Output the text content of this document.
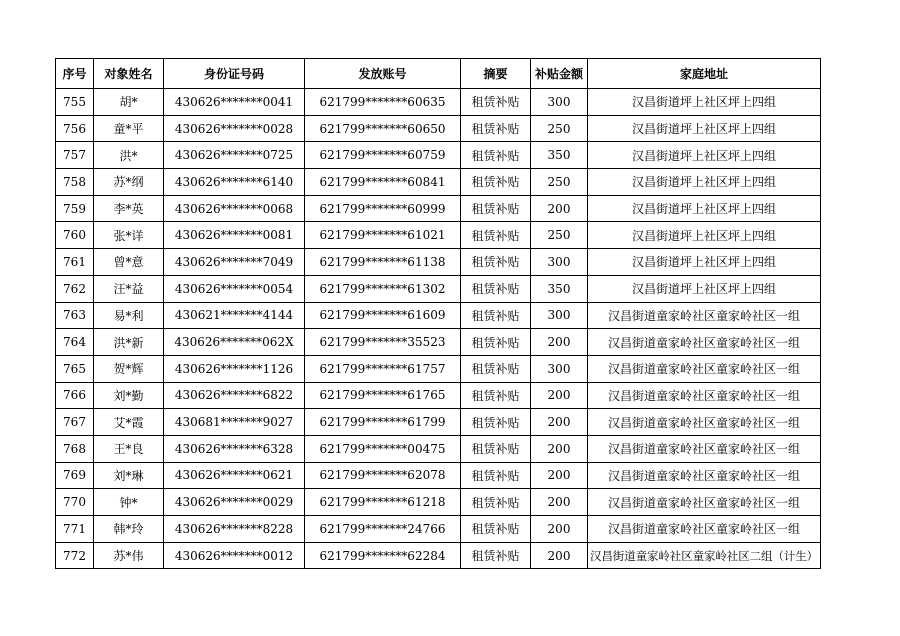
序号	对象姓名	身份证号码	发放账号	摘要	补贴金额	家庭地址
755	胡*	430626*******0041	621799*******60635	租赁补贴	300	汉昌街道坪上社区坪上四组
756	童*平	430626*******0028	621799*******60650	租赁补贴	250	汉昌街道坪上社区坪上四组
757	洪*	430626*******0725	621799*******60759	租赁补贴	350	汉昌街道坪上社区坪上四组
758	苏*纲	430626*******6140	621799*******60841	租赁补贴	250	汉昌街道坪上社区坪上四组
759	李*英	430626*******0068	621799*******60999	租赁补贴	200	汉昌街道坪上社区坪上四组
760	张*详	430626*******0081	621799*******61021	租赁补贴	250	汉昌街道坪上社区坪上四组
761	曾*意	430626*******7049	621799*******61138	租赁补贴	300	汉昌街道坪上社区坪上四组
762	汪*益	430626*******0054	621799*******61302	租赁补贴	350	汉昌街道坪上社区坪上四组
763	易*利	430621*******4144	621799*******61609	租赁补贴	300	汉昌街道童家岭社区童家岭社区一组
764	洪*新	430626*******062X	621799*******35523	租赁补贴	200	汉昌街道童家岭社区童家岭社区一组
765	贺*辉	430626*******1126	621799*******61757	租赁补贴	300	汉昌街道童家岭社区童家岭社区一组
766	刘*勤	430626*******6822	621799*******61765	租赁补贴	200	汉昌街道童家岭社区童家岭社区一组
767	艾*霞	430681*******9027	621799*******61799	租赁补贴	200	汉昌街道童家岭社区童家岭社区一组
768	王*良	430626*******6328	621799*******00475	租赁补贴	200	汉昌街道童家岭社区童家岭社区一组
769	刘*琳	430626*******0621	621799*******62078	租赁补贴	200	汉昌街道童家岭社区童家岭社区一组
770	钟*	430626*******0029	621799*******61218	租赁补贴	200	汉昌街道童家岭社区童家岭社区一组
771	韩*玲	430626*******8228	621799*******24766	租赁补贴	200	汉昌街道童家岭社区童家岭社区一组
772	苏*伟	430626*******0012	621799*******62284	租赁补贴	200	汉昌街道童家岭社区童家岭社区二组（计生）
